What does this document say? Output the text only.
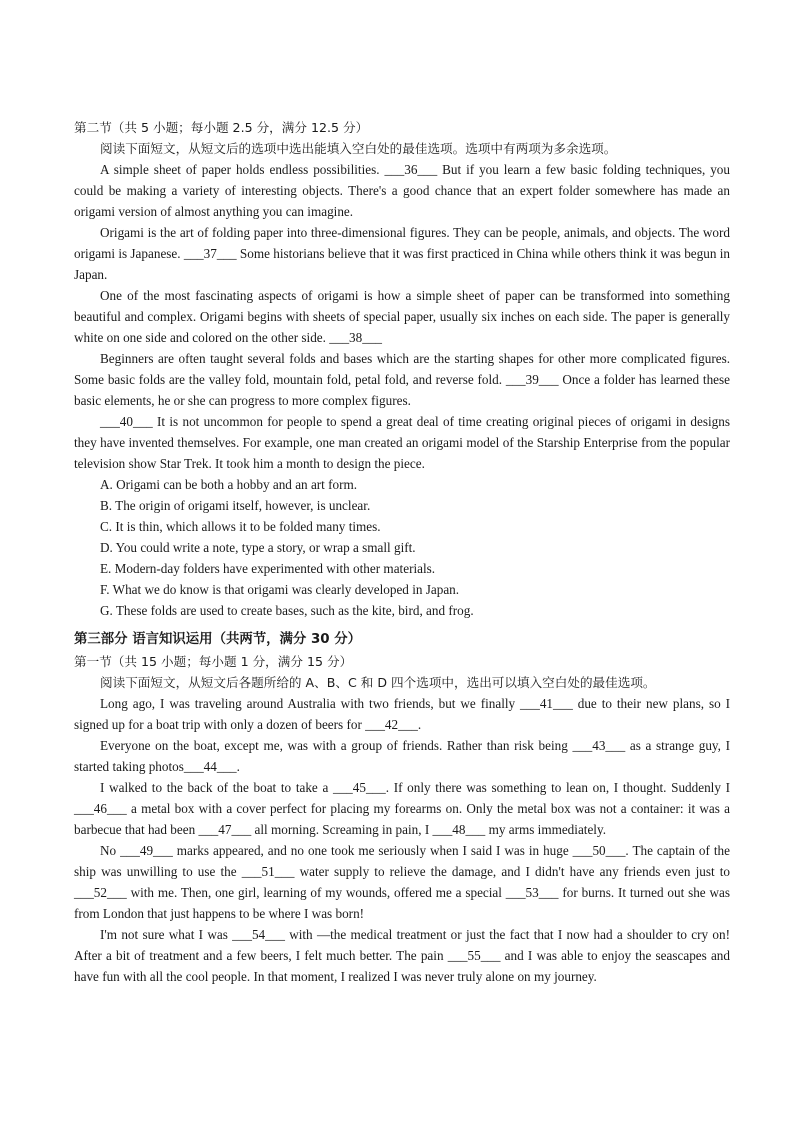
第二节（共 5 小题；每小题 2.5 分，满分 12.5 分）
阅读下面短文，从短文后的选项中选出能填入空白处的最佳选项。选项中有两项为多余选项。

A simple sheet of paper holds endless possibilities. ___36___ But if you learn a few basic folding techniques, you could be making a variety of interesting objects. There's a good chance that an expert folder somewhere has made an origami version of almost anything you can imagine.

Origami is the art of folding paper into three-dimensional figures. They can be people, animals, and objects. The word origami is Japanese. ___37___ Some historians believe that it was first practiced in China while others think it was begun in Japan.

One of the most fascinating aspects of origami is how a simple sheet of paper can be transformed into something beautiful and complex. Origami begins with sheets of special paper, usually six inches on each side. The paper is generally white on one side and colored on the other side. ___38___

Beginners are often taught several folds and bases which are the starting shapes for other more complicated figures. Some basic folds are the valley fold, mountain fold, petal fold, and reverse fold. ___39___ Once a folder has learned these basic elements, he or she can progress to more complex figures.

___40___ It is not uncommon for people to spend a great deal of time creating original pieces of origami in designs they have invented themselves. For example, one man created an origami model of the Starship Enterprise from the popular television show Star Trek. It took him a month to design the piece.

A. Origami can be both a hobby and an art form.
B. The origin of origami itself, however, is unclear.
C. It is thin, which allows it to be folded many times.
D. You could write a note, type a story, or wrap a small gift.
E. Modern-day folders have experimented with other materials.
F. What we do know is that origami was clearly developed in Japan.
G. These folds are used to create bases, such as the kite, bird, and frog.
第三部分 语言知识运用（共两节，满分 30 分）
第一节（共 15 小题；每小题 1 分，满分 15 分）
阅读下面短文，从短文后各题所给的 A、B、C 和 D 四个选项中，选出可以填入空白处的最佳选项。

Long ago, I was traveling around Australia with two friends, but we finally ___41___ due to their new plans, so I signed up for a boat trip with only a dozen of beers for ___42___.

Everyone on the boat, except me, was with a group of friends. Rather than risk being ___43___ as a strange guy, I started taking photos___44___.

I walked to the back of the boat to take a ___45___. If only there was something to lean on, I thought. Suddenly I ___46___ a metal box with a cover perfect for placing my forearms on. Only the metal box was not a container: it was a barbecue that had been ___47___ all morning. Screaming in pain, I ___48___ my arms immediately.

No ___49___ marks appeared, and no one took me seriously when I said I was in huge ___50___. The captain of the ship was unwilling to use the ___51___ water supply to relieve the damage, and I didn't have any friends even just to ___52___ with me. Then, one girl, learning of my wounds, offered me a special ___53___ for burns. It turned out she was from London that just happens to be where I was born!

I'm not sure what I was ___54___ with —the medical treatment or just the fact that I now had a shoulder to cry on! After a bit of treatment and a few beers, I felt much better. The pain ___55___ and I was able to enjoy the seascapes and have fun with all the cool people. In that moment, I realized I was never truly alone on my journey.
